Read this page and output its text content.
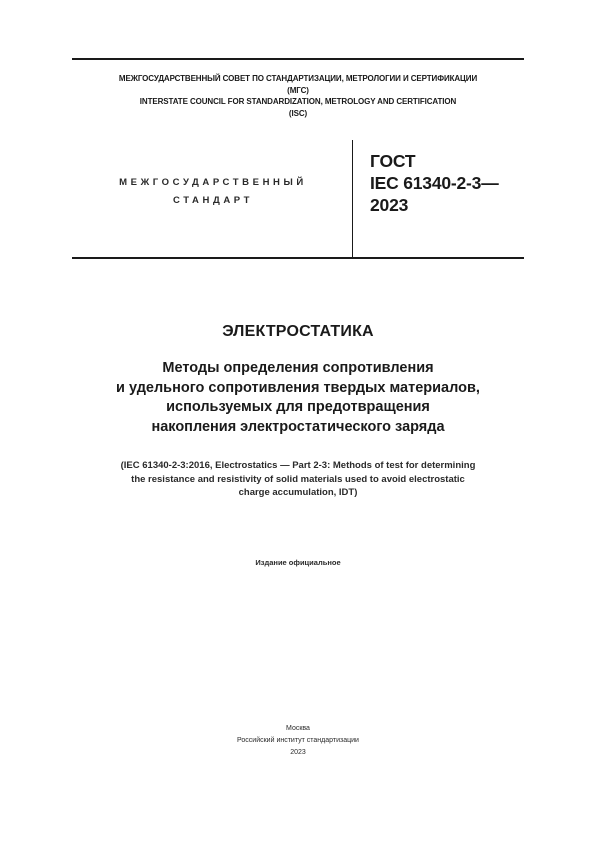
МЕЖГОСУДАРСТВЕННЫЙ СОВЕТ ПО СТАНДАРТИЗАЦИИ, МЕТРОЛОГИИ И СЕРТИФИКАЦИИ
(МГС)
INTERSTATE COUNCIL FOR STANDARDIZATION, METROLOGY AND CERTIFICATION
(ISC)
МЕЖГОСУДАРСТВЕННЫЙ
СТАНДАРТ
ГОСТ
IEC 61340-2-3—
2023
ЭЛЕКТРОСТАТИКА
Методы определения сопротивления
и удельного сопротивления твердых материалов,
используемых для предотвращения
накопления электростатического заряда
(IEC 61340-2-3:2016, Electrostatics — Part 2-3: Methods of test for determining
the resistance and resistivity of solid materials used to avoid electrostatic
charge accumulation, IDT)
Издание официальное
Москва
Российский институт стандартизации
2023
